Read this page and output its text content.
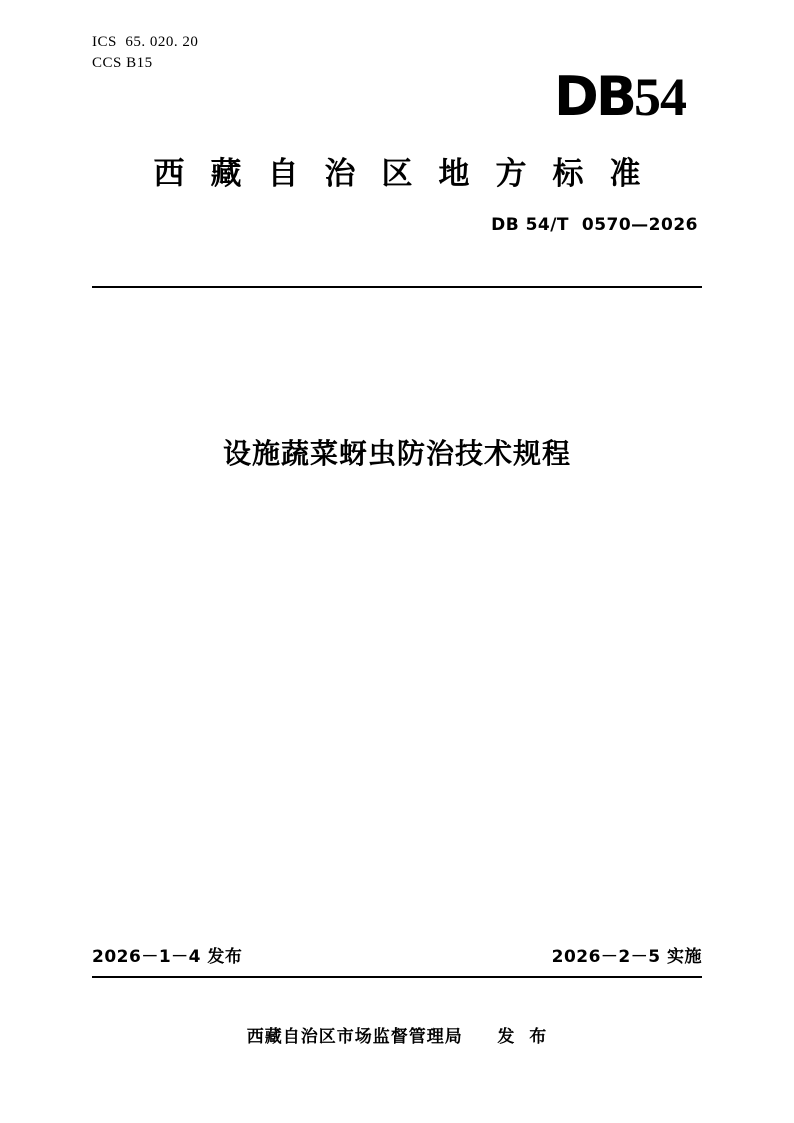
ICS  65. 020. 20
CCS B15
DB54
西藏自治区地方标准
DB 54/T  0570—2026
设施蔬菜蚜虫防治技术规程
2026－1－4 发布	2026－2－5 实施
西藏自治区市场监督管理局     发  布
